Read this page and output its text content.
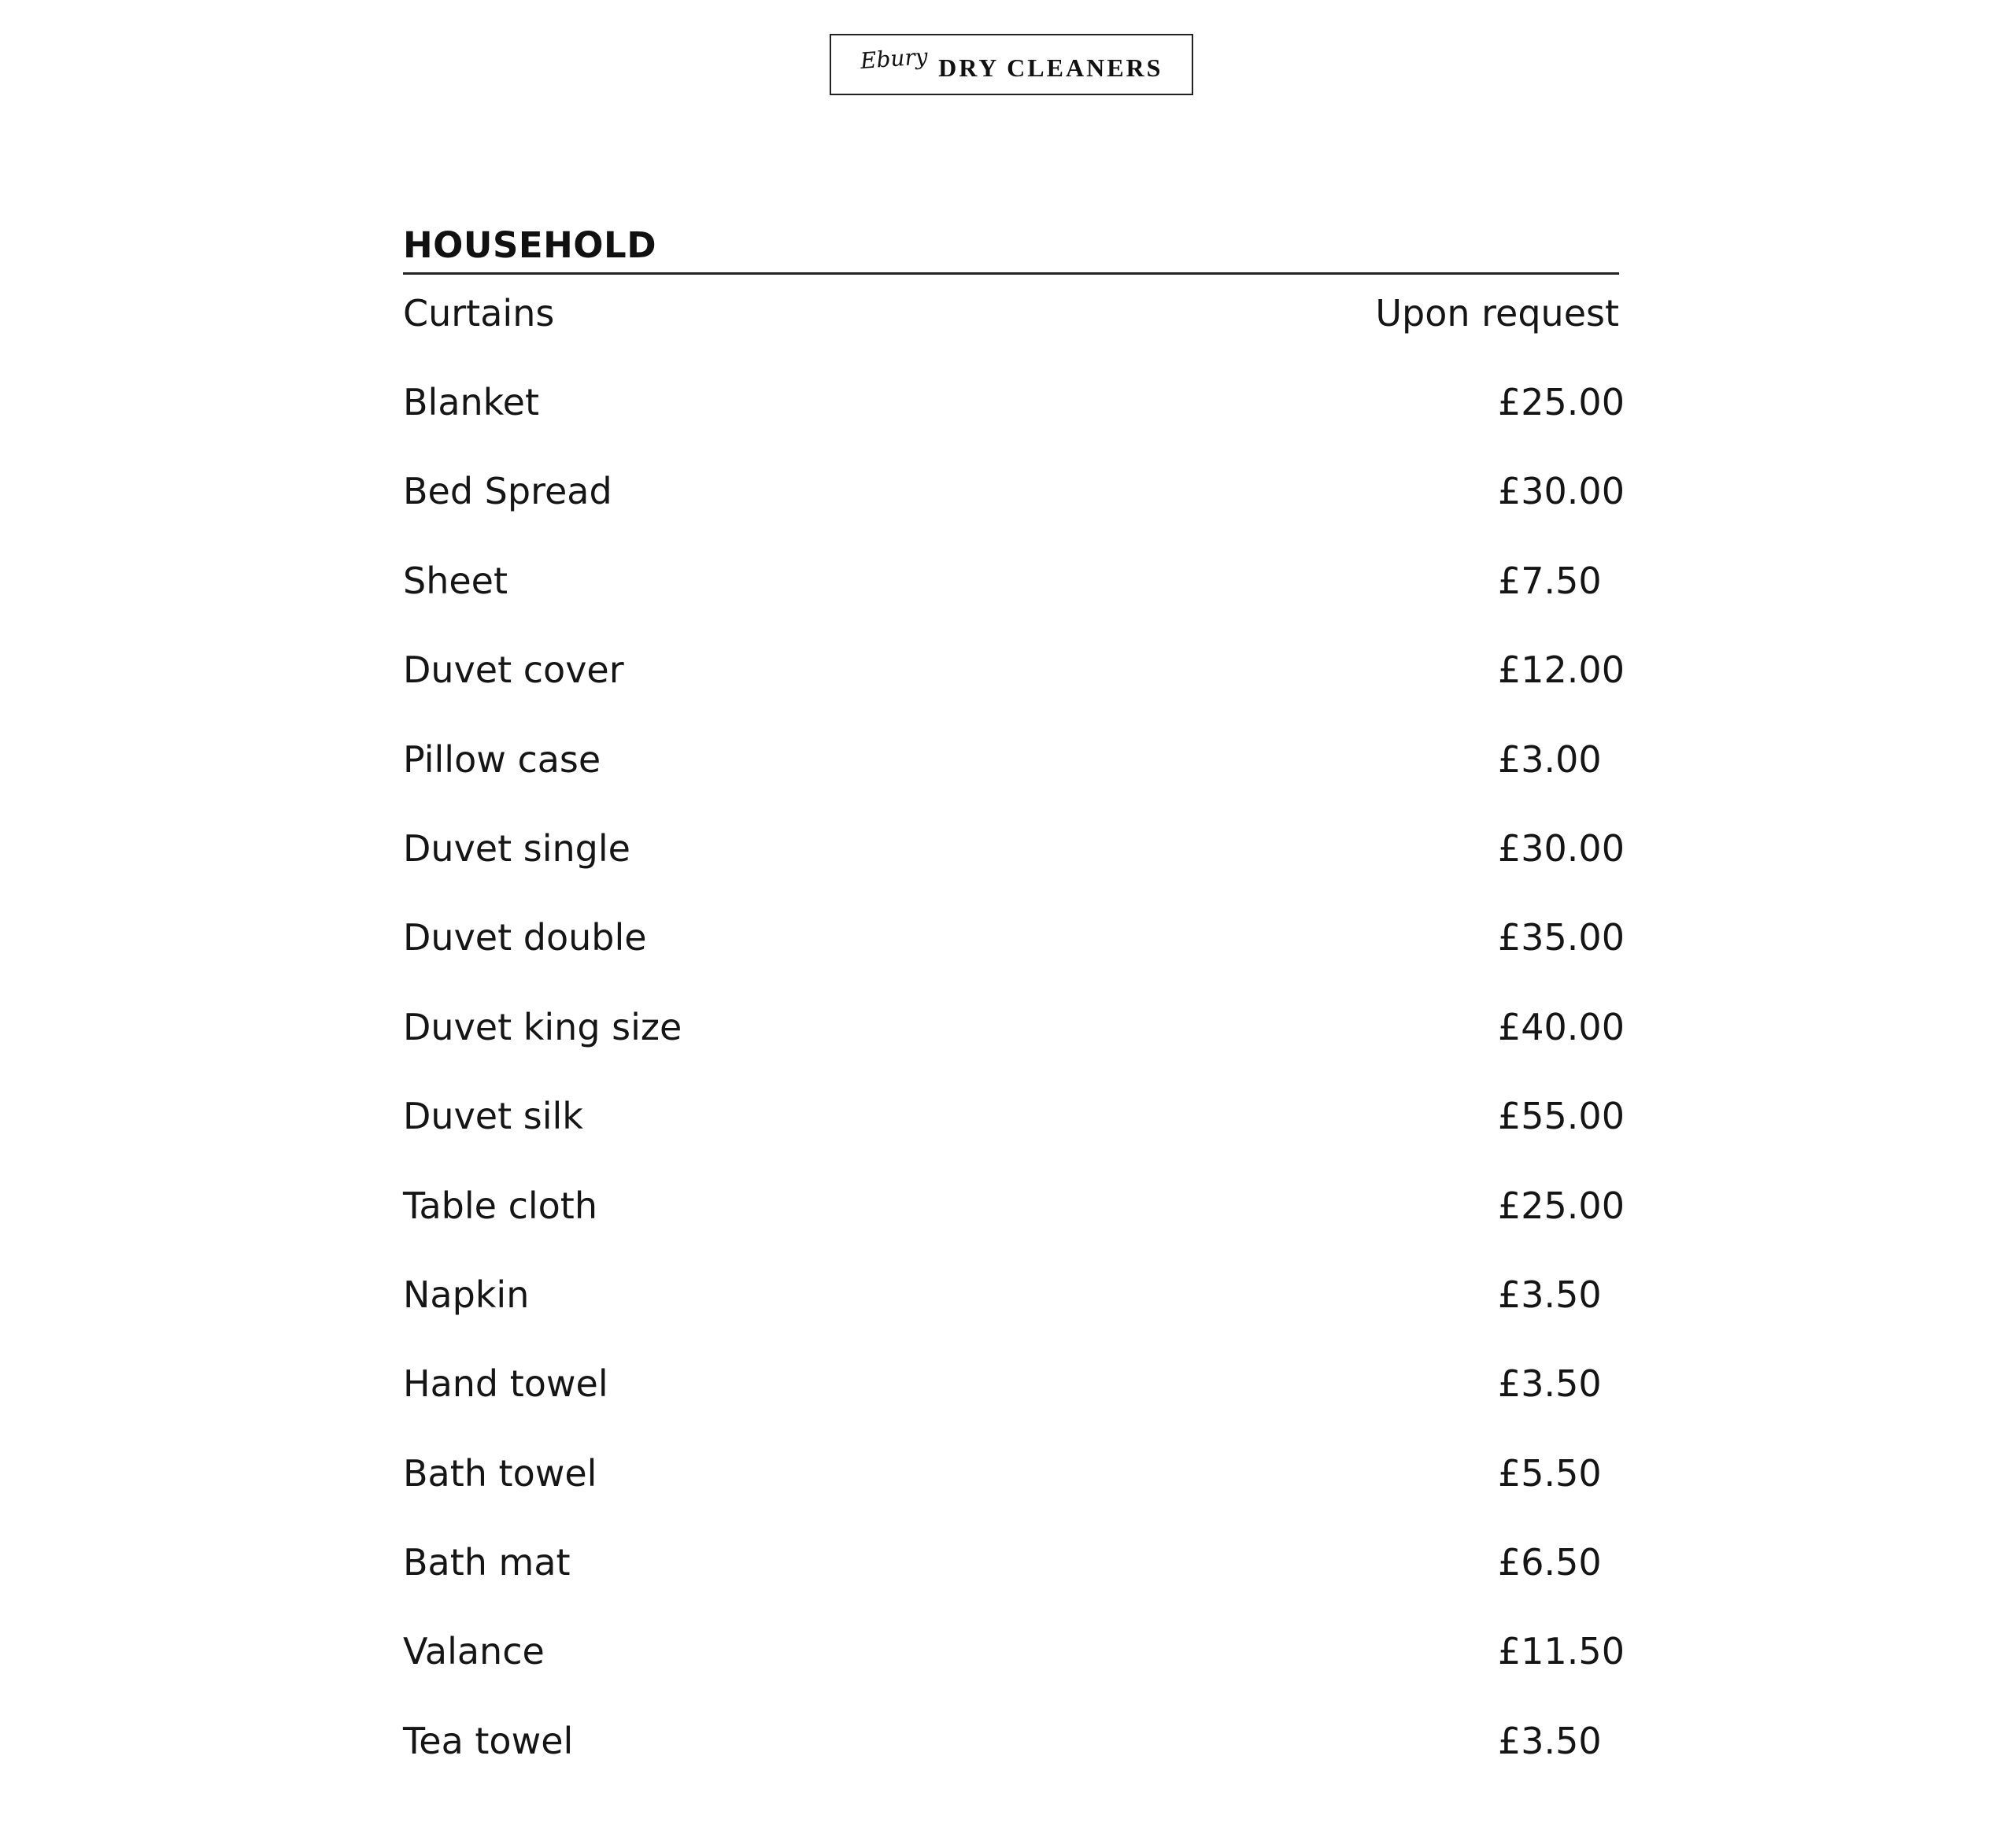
Ebury DRY CLEANERS
HOUSEHOLD
Curtains	Upon request
Blanket	£25.00
Bed Spread	£30.00
Sheet	£7.50
Duvet cover	£12.00
Pillow case	£3.00
Duvet single	£30.00
Duvet double	£35.00
Duvet king size	£40.00
Duvet silk	£55.00
Table cloth	£25.00
Napkin	£3.50
Hand towel	£3.50
Bath towel	£5.50
Bath mat	£6.50
Valance	£11.50
Tea towel	£3.50
